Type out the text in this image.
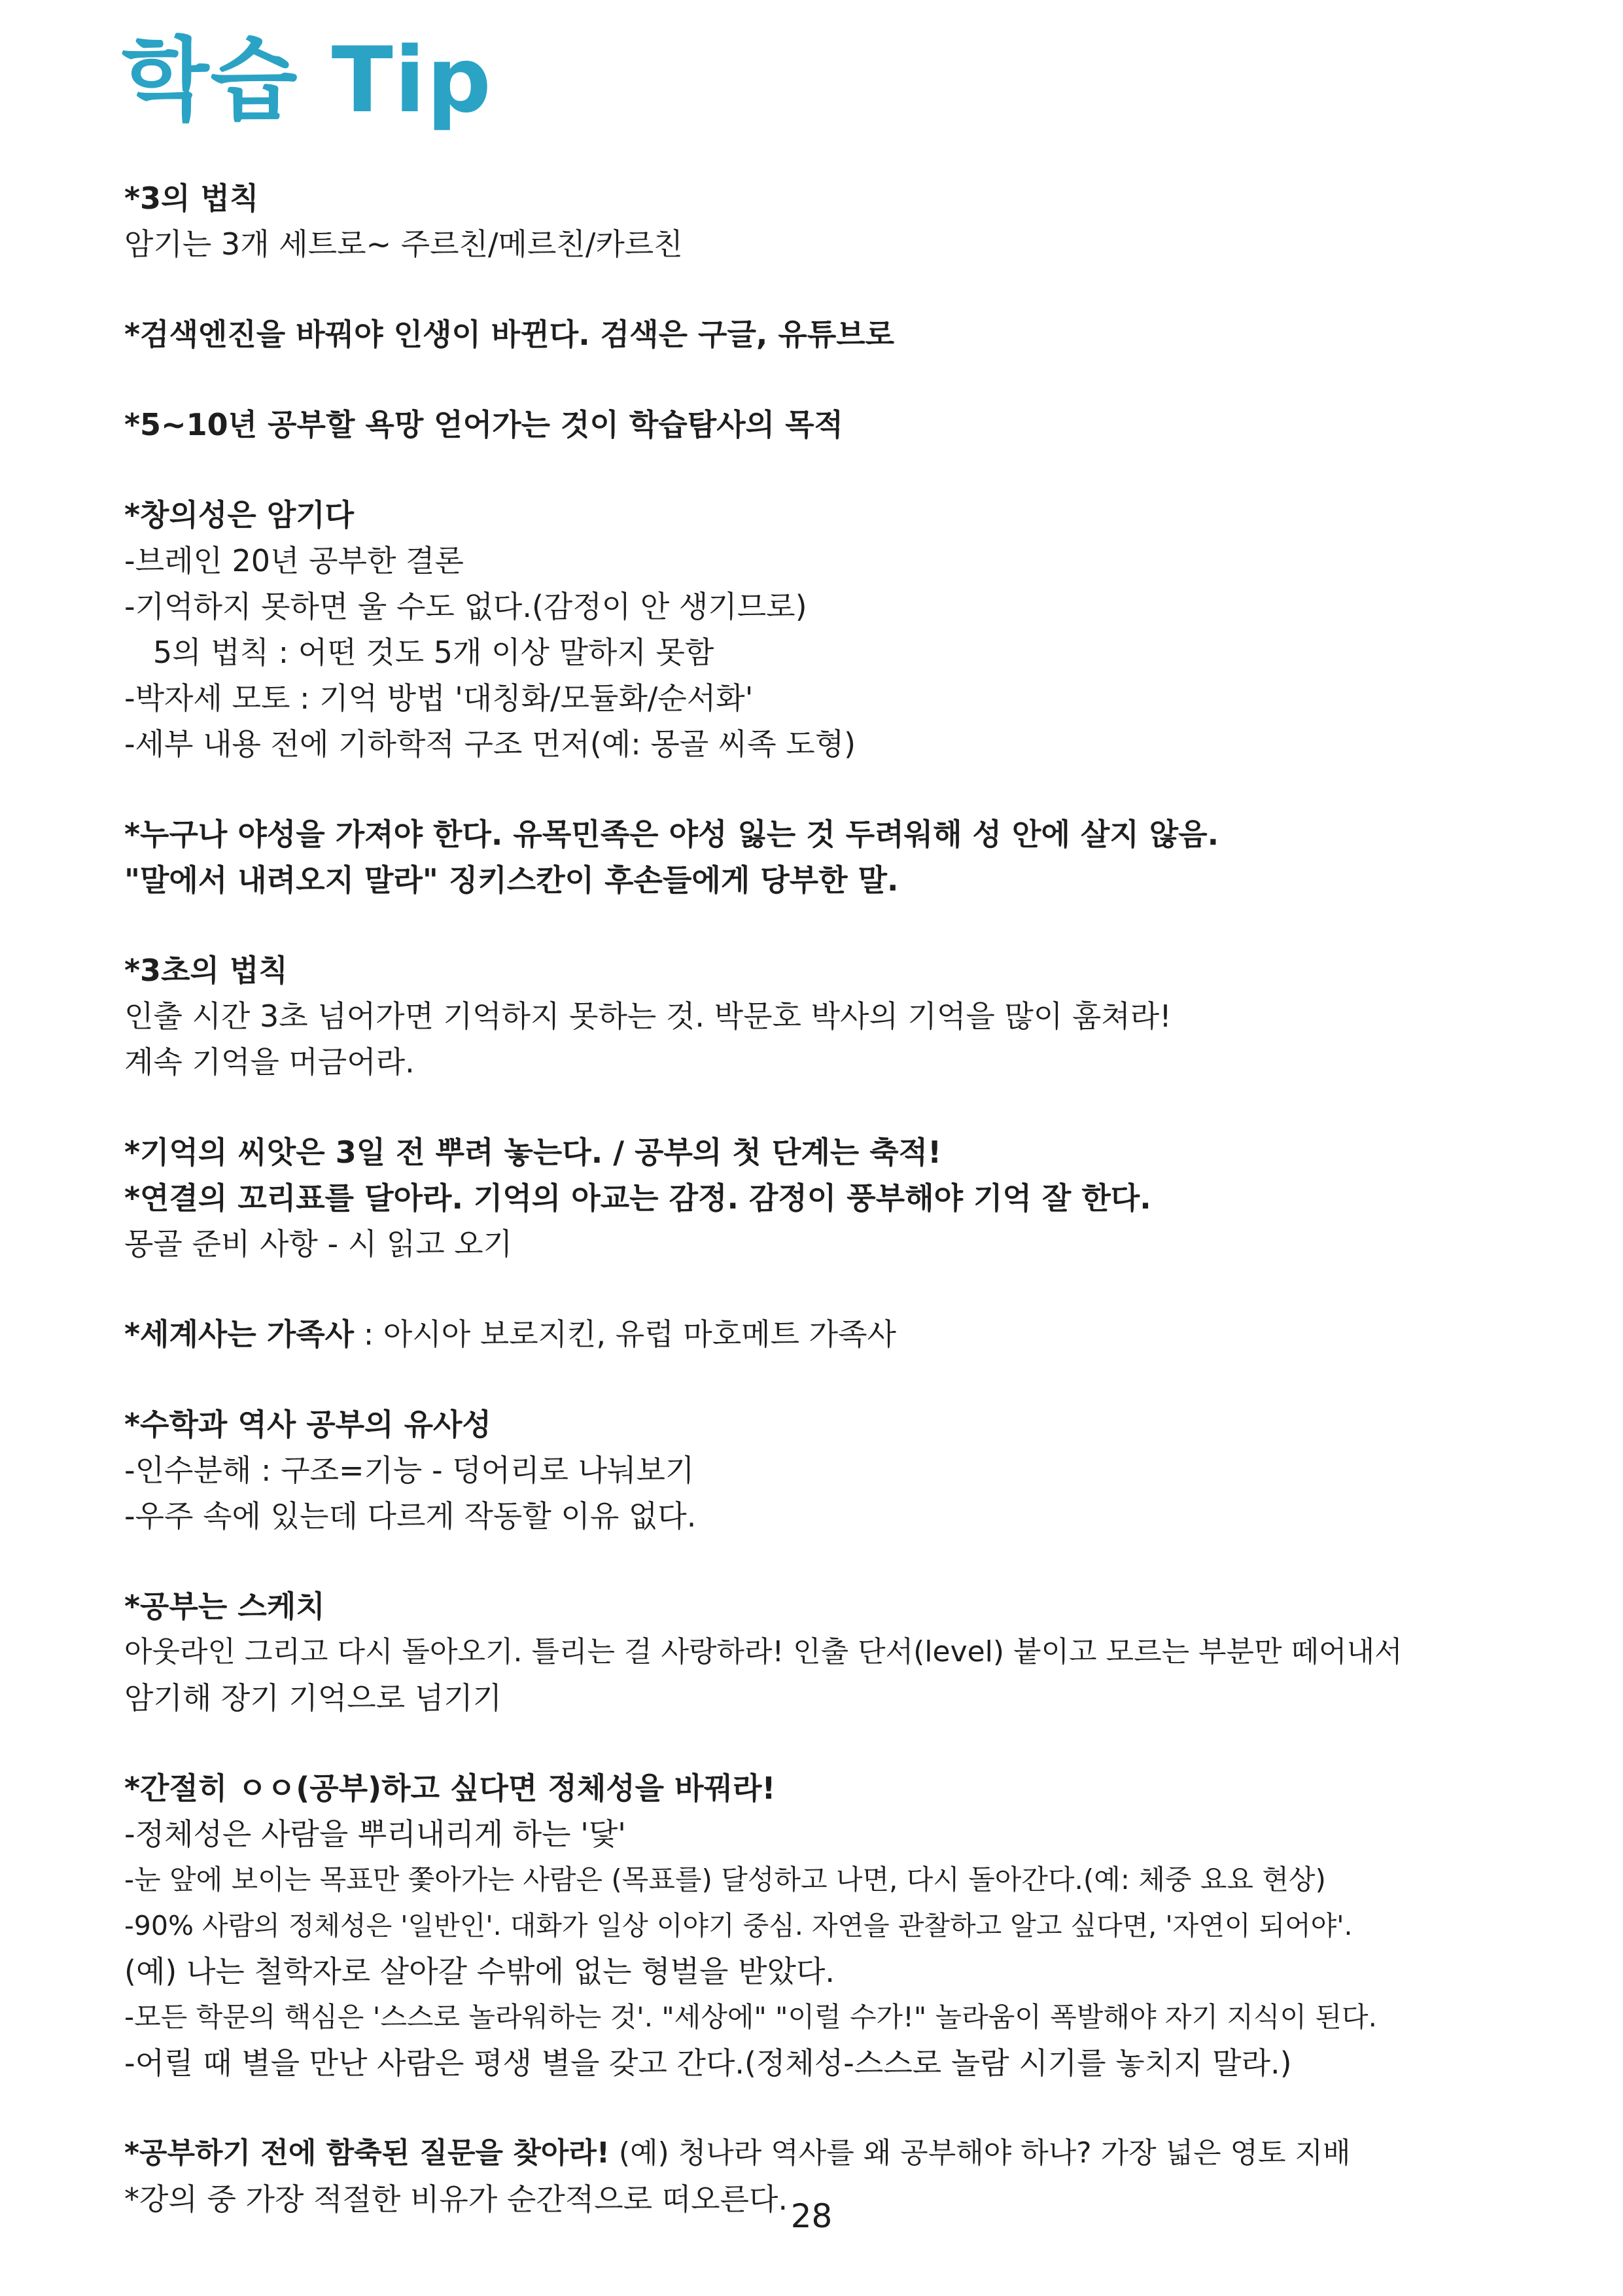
학습 Tip
*3의 법칙
암기는 3개 세트로~ 주르친/메르친/카르친
*검색엔진을 바꿔야 인생이 바뀐다. 검색은 구글, 유튜브로
*5~10년 공부할 욕망 얻어가는 것이 학습탐사의 목적
*창의성은 암기다
-브레인 20년 공부한 결론
-기억하지 못하면 울 수도 없다.(감정이 안 생기므로)
5의 법칙 : 어떤 것도 5개 이상 말하지 못함
-박자세 모토 : 기억 방법 '대칭화/모듈화/순서화'
-세부 내용 전에 기하학적 구조 먼저(예: 몽골 씨족 도형)
*누구나 야성을 가져야 한다. 유목민족은 야성 잃는 것 두려워해 성 안에 살지 않음.
"말에서 내려오지 말라" 징키스칸이 후손들에게 당부한 말.
*3초의 법칙
인출 시간 3초 넘어가면 기억하지 못하는 것. 박문호 박사의 기억을 많이 훔쳐라!
계속 기억을 머금어라.
*기억의 씨앗은 3일 전 뿌려 놓는다. / 공부의 첫 단계는 축적!
*연결의 꼬리표를 달아라. 기억의 아교는 감정. 감정이 풍부해야 기억 잘 한다.
몽골 준비 사항 - 시 읽고 오기
*세계사는 가족사 : 아시아 보로지킨, 유럽 마호메트 가족사
*수학과 역사 공부의 유사성
-인수분해 : 구조=기능 - 덩어리로 나눠보기
-우주 속에 있는데 다르게 작동할 이유 없다.
*공부는 스케치
아웃라인 그리고 다시 돌아오기. 틀리는 걸 사랑하라! 인출 단서(level) 붙이고 모르는 부분만 떼어내서
암기해 장기 기억으로 넘기기
*간절히 ㅇㅇ(공부)하고 싶다면 정체성을 바꿔라!
-정체성은 사람을 뿌리내리게 하는 '닻'
-눈 앞에 보이는 목표만 쫓아가는 사람은 (목표를) 달성하고 나면, 다시 돌아간다.(예: 체중 요요 현상)
-90% 사람의 정체성은 '일반인'. 대화가 일상 이야기 중심. 자연을 관찰하고 알고 싶다면, '자연이 되어야'.
(예) 나는 철학자로 살아갈 수밖에 없는 형벌을 받았다.
-모든 학문의 핵심은 '스스로 놀라워하는 것'. "세상에" "이럴 수가!" 놀라움이 폭발해야 자기 지식이 된다.
-어릴 때 별을 만난 사람은 평생 별을 갖고 간다.(정체성-스스로 놀람 시기를 놓치지 말라.)
*공부하기 전에 함축된 질문을 찾아라! (예) 청나라 역사를 왜 공부해야 하나? 가장 넓은 영토 지배
*강의 중 가장 적절한 비유가 순간적으로 떠오른다. 28
